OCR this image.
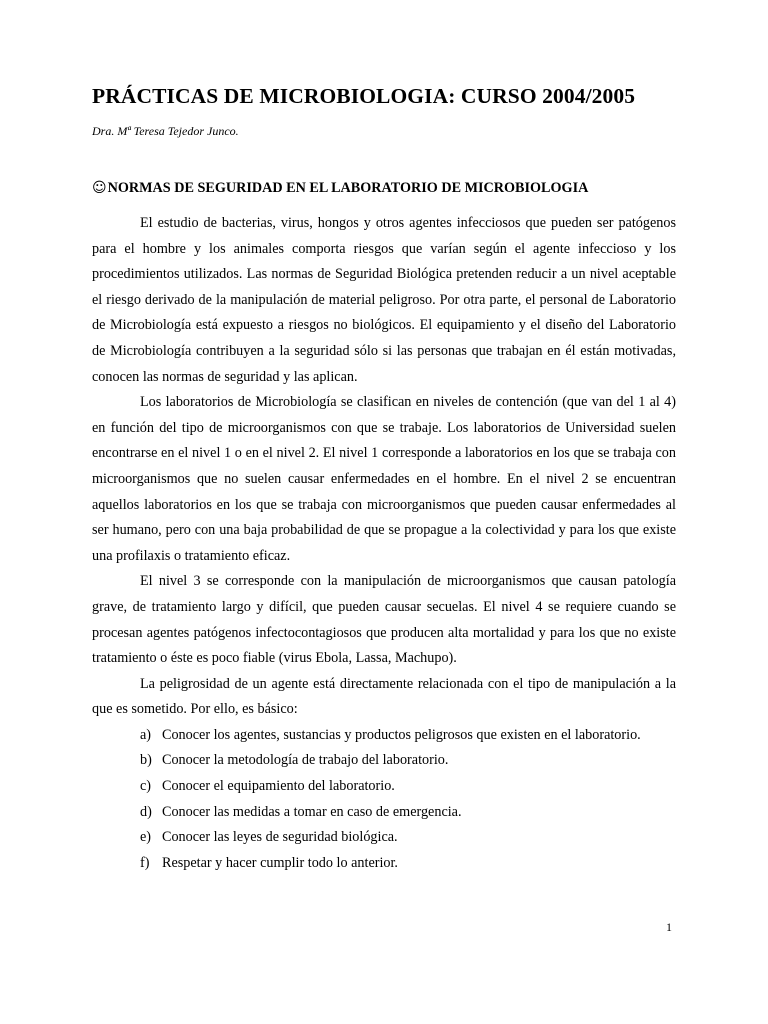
PRÁCTICAS DE MICROBIOLOGIA: CURSO 2004/2005
Dra. Mª Teresa Tejedor Junco.
☺NORMAS DE SEGURIDAD EN EL LABORATORIO DE MICROBIOLOGIA

El estudio de bacterias, virus, hongos y otros agentes infecciosos que pueden ser patógenos para el hombre y los animales comporta riesgos que varían según el agente infeccioso y los procedimientos utilizados. Las normas de Seguridad Biológica pretenden reducir a un nivel aceptable el riesgo derivado de la manipulación de material peligroso. Por otra parte, el personal de Laboratorio de Microbiología está expuesto a riesgos no biológicos. El equipamiento y el diseño del Laboratorio de Microbiología contribuyen a la seguridad sólo si las personas que trabajan en él están motivadas, conocen las normas de seguridad y las aplican.

Los laboratorios de Microbiología se clasifican en niveles de contención (que van del 1 al 4) en función del tipo de microorganismos con que se trabaje. Los laboratorios de Universidad suelen encontrarse en el nivel 1 o en el nivel 2. El nivel 1 corresponde a laboratorios en los que se trabaja con microorganismos que no suelen causar enfermedades en el hombre. En el nivel 2 se encuentran aquellos laboratorios en los que se trabaja con microorganismos que pueden causar enfermedades al ser humano, pero con una baja probabilidad de que se propague a la colectividad y para los que existe una profilaxis o tratamiento eficaz.

El nivel 3 se corresponde con la manipulación de microorganismos que causan patología grave, de tratamiento largo y difícil, que pueden causar secuelas. El nivel 4 se requiere cuando se procesan agentes patógenos infectocontagiosos que producen alta mortalidad y para los que no existe tratamiento o éste es poco fiable (virus Ebola, Lassa, Machupo).

La peligrosidad de un agente está directamente relacionada con el tipo de manipulación a la que es sometido. Por ello, es básico:

a) Conocer los agentes, sustancias y productos peligrosos que existen en el laboratorio.
b) Conocer la metodología de trabajo del laboratorio.
c) Conocer el equipamiento del laboratorio.
d) Conocer las medidas a tomar en caso de emergencia.
e) Conocer las leyes de seguridad biológica.
f) Respetar y hacer cumplir todo lo anterior.
1
